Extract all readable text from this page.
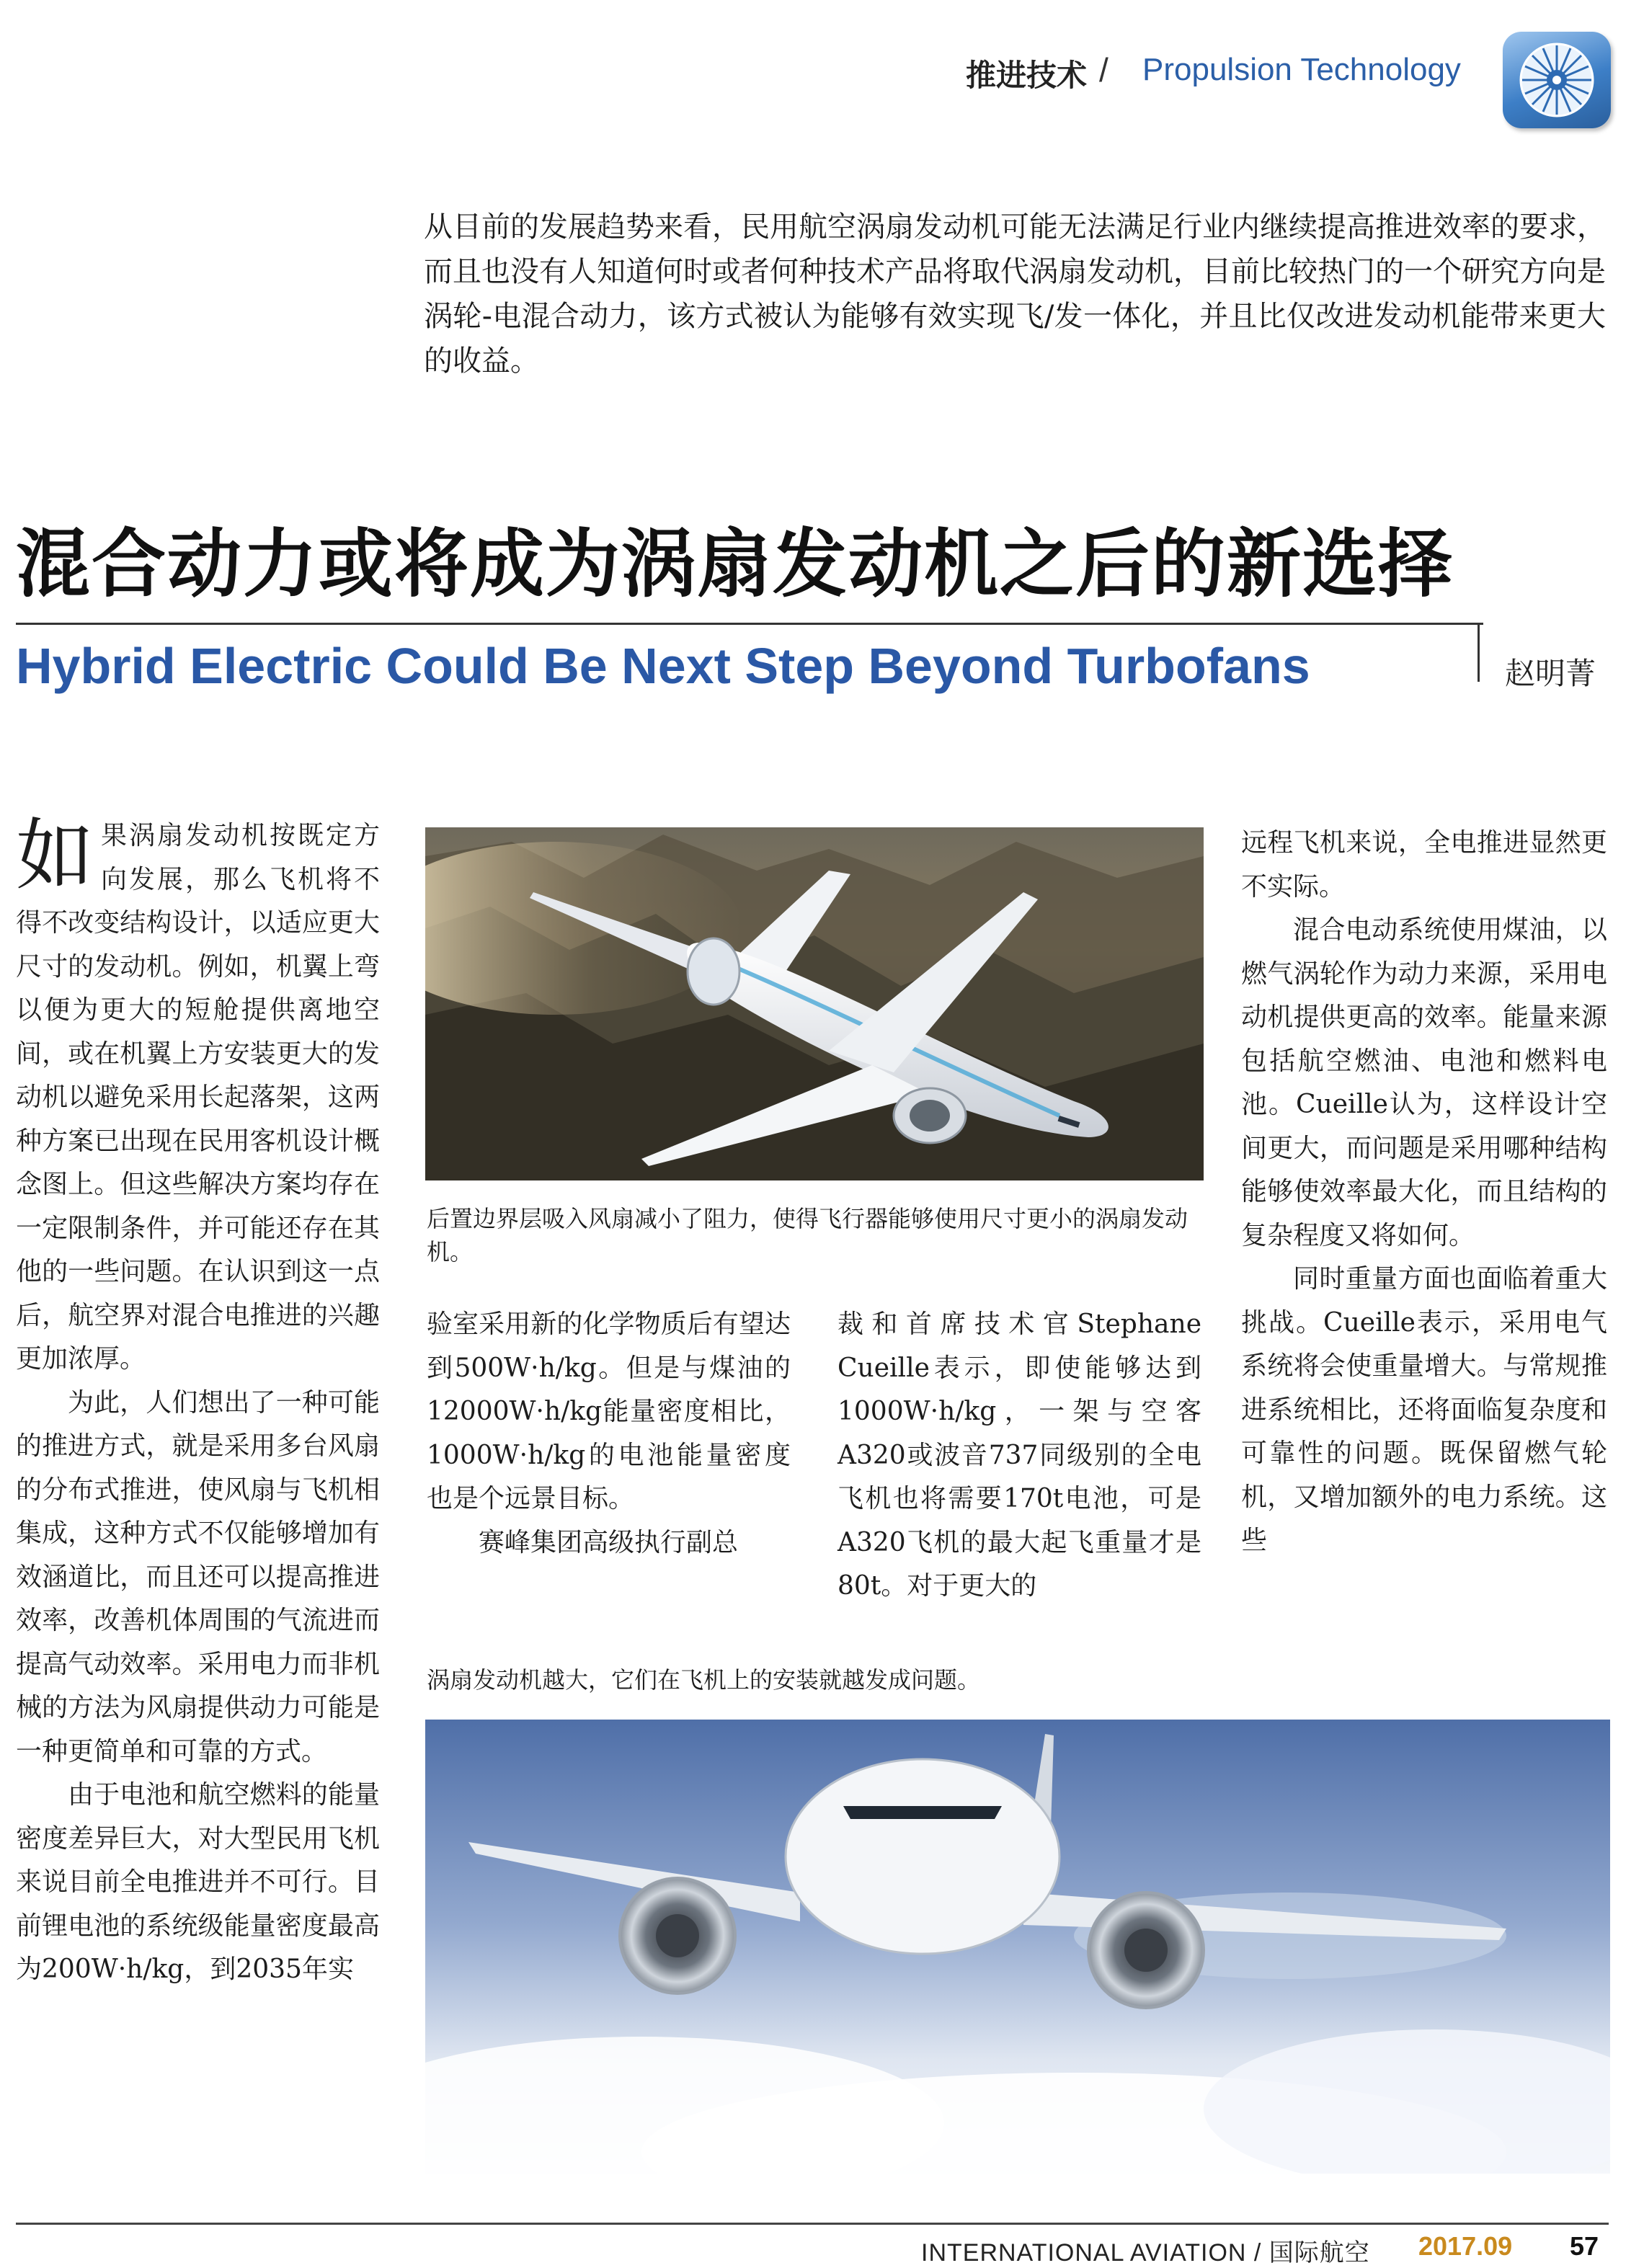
推进技术 / Propulsion Technology
从目前的发展趋势来看，民用航空涡扇发动机可能无法满足行业内继续提高推进效率的要求，而且也没有人知道何时或者何种技术产品将取代涡扇发动机，目前比较热门的一个研究方向是涡轮-电混合动力，该方式被认为能够有效实现飞/发一体化，并且比仅改进发动机能带来更大的收益。
混合动力或将成为涡扇发动机之后的新选择
Hybrid Electric Could Be Next Step Beyond Turbofans	赵明菁

如果涡扇发动机按既定方向发展，那么飞机将不得不改变结构设计，以适应更大尺寸的发动机。例如，机翼上弯以便为更大的短舱提供离地空间，或在机翼上方安装更大的发动机以避免采用长起落架，这两种方案已出现在民用客机设计概念图上。但这些解决方案均存在一定限制条件，并可能还存在其他的一些问题。在认识到这一点后，航空界对混合电推进的兴趣更加浓厚。

为此，人们想出了一种可能的推进方式，就是采用多台风扇的分布式推进，使风扇与飞机相集成，这种方式不仅能够增加有效涵道比，而且还可以提高推进效率，改善机体周围的气流进而提高气动效率。采用电力而非机械的方法为风扇提供动力可能是一种更简单和可靠的方式。

由于电池和航空燃料的能量密度差异巨大，对大型民用飞机来说目前全电推进并不可行。目前锂电池的系统级能量密度最高为200W·h/kg，到2035年实

后置边界层吸入风扇减小了阻力，使得飞行器能够使用尺寸更小的涡扇发动机。

验室采用新的化学物质后有望达到500W·h/kg。但是与煤油的12000W·h/kg能量密度相比，1000W·h/kg的电池能量密度也是个远景目标。

赛峰集团高级执行副总

裁和首席技术官Stephane Cueille表示，即使能够达到1000W·h/kg，一架与空客A320或波音737同级别的全电飞机也将需要170t电池，可是A320飞机的最大起飞重量才是80t。对于更大的

远程飞机来说，全电推进显然更不实际。

混合电动系统使用煤油，以燃气涡轮作为动力来源，采用电动机提供更高的效率。能量来源包括航空燃油、电池和燃料电池。Cueille认为，这样设计空间更大，而问题是采用哪种结构能够使效率最大化，而且结构的复杂程度又将如何。

同时重量方面也面临着重大挑战。Cueille表示，采用电气系统将会使重量增大。与常规推进系统相比，还将面临复杂度和可靠性的问题。既保留燃气轮机，又增加额外的电力系统。这些

涡扇发动机越大，它们在飞机上的安装就越发成问题。
INTERNATIONAL AVIATION / 国际航空 2017.09 57
